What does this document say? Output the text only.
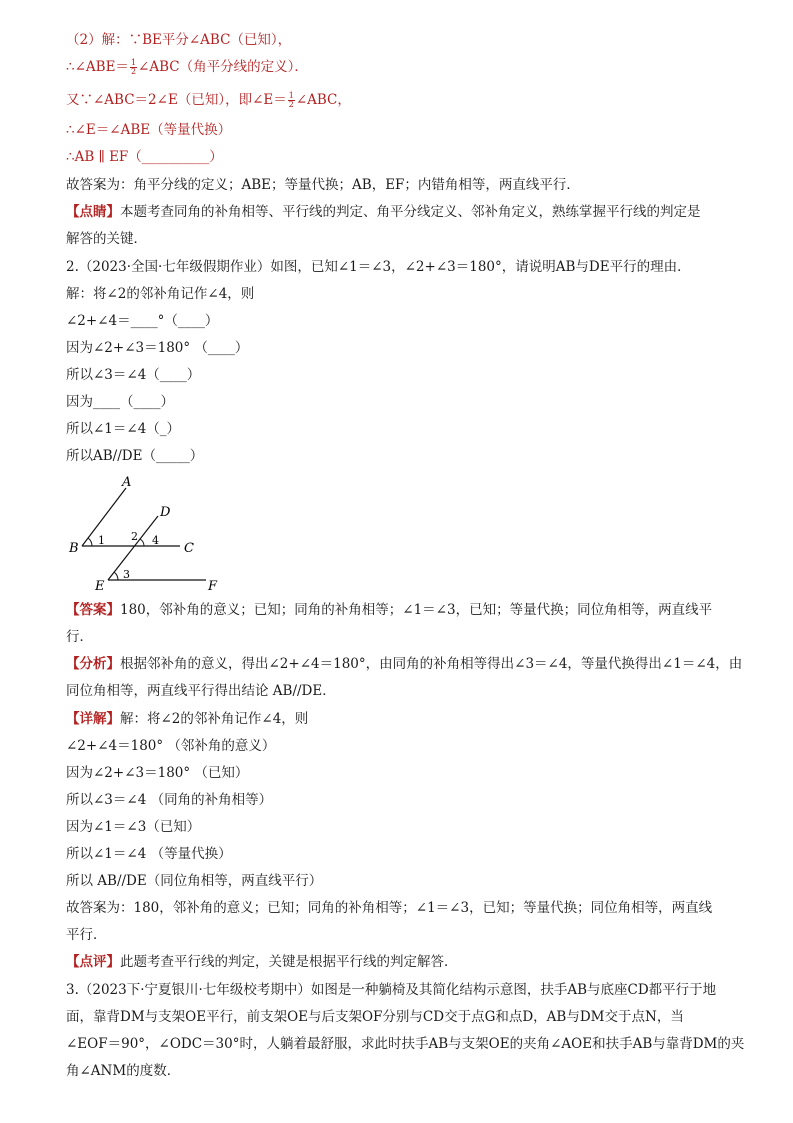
（2）解：∵BE平分∠ABC（已知），
∴∠ABE＝ $\frac{1}{2}$ ∠ABC（角平分线的定义）．
又∵∠ABC＝2∠E（已知），即∠E＝ $\frac{1}{2}$ ∠ABC，
∴∠E＝∠ABE（等量代换）
∴AB ∥ EF（__________）
故答案为：角平分线的定义；ABE；等量代换；AB，EF；内错角相等，两直线平行．
【点睛】本题考查同角的补角相等、平行线的判定、角平分线定义、邻补角定义，熟练掌握平行线的判定是
解答的关键．
2.（2023·全国·七年级假期作业）如图，已知∠1＝∠3，∠2+∠3＝180°，请说明AB与DE平行的理由．
解：将∠2的邻补角记作∠4，则
∠2+∠4＝____°（____）
因为∠2+∠3＝180° （____）
所以∠3＝∠4（____）
因为____（____）
所以∠1＝∠4（_）
所以AB//DE（_____）
A
B	C
D
E	F
1 2 4
3
【答案】180，邻补角的意义；已知；同角的补角相等；∠1＝∠3，已知；等量代换；同位角相等，两直线平
行．
【分析】根据邻补角的意义，得出∠2+∠4＝180°，由同角的补角相等得出∠3＝∠4，等量代换得出∠1＝∠4，由
同位角相等，两直线平行得出结论 AB//DE．
【详解】解：将∠2的邻补角记作∠4，则
∠2+∠4＝180° （邻补角的意义）
因为∠2+∠3＝180° （已知）
所以∠3＝∠4 （同角的补角相等）
因为∠1＝∠3（已知）
所以∠1＝∠4 （等量代换）
所以 AB//DE（同位角相等，两直线平行）
故答案为：180，邻补角的意义；已知；同角的补角相等；∠1＝∠3，已知；等量代换；同位角相等，两直线
平行．
【点评】此题考查平行线的判定，关键是根据平行线的判定解答．
3.（2023下·宁夏银川·七年级校考期中）如图是一种躺椅及其简化结构示意图，扶手AB与底座CD都平行于地
面，靠背DM与支架OE平行，前支架OE与后支架OF分别与CD交于点G和点D，AB与DM交于点N，当
∠EOF＝90°，∠ODC＝30°时，人躺着最舒服，求此时扶手AB与支架OE的夹角∠AOE和扶手AB与靠背DM的夹
角∠ANM的度数．
